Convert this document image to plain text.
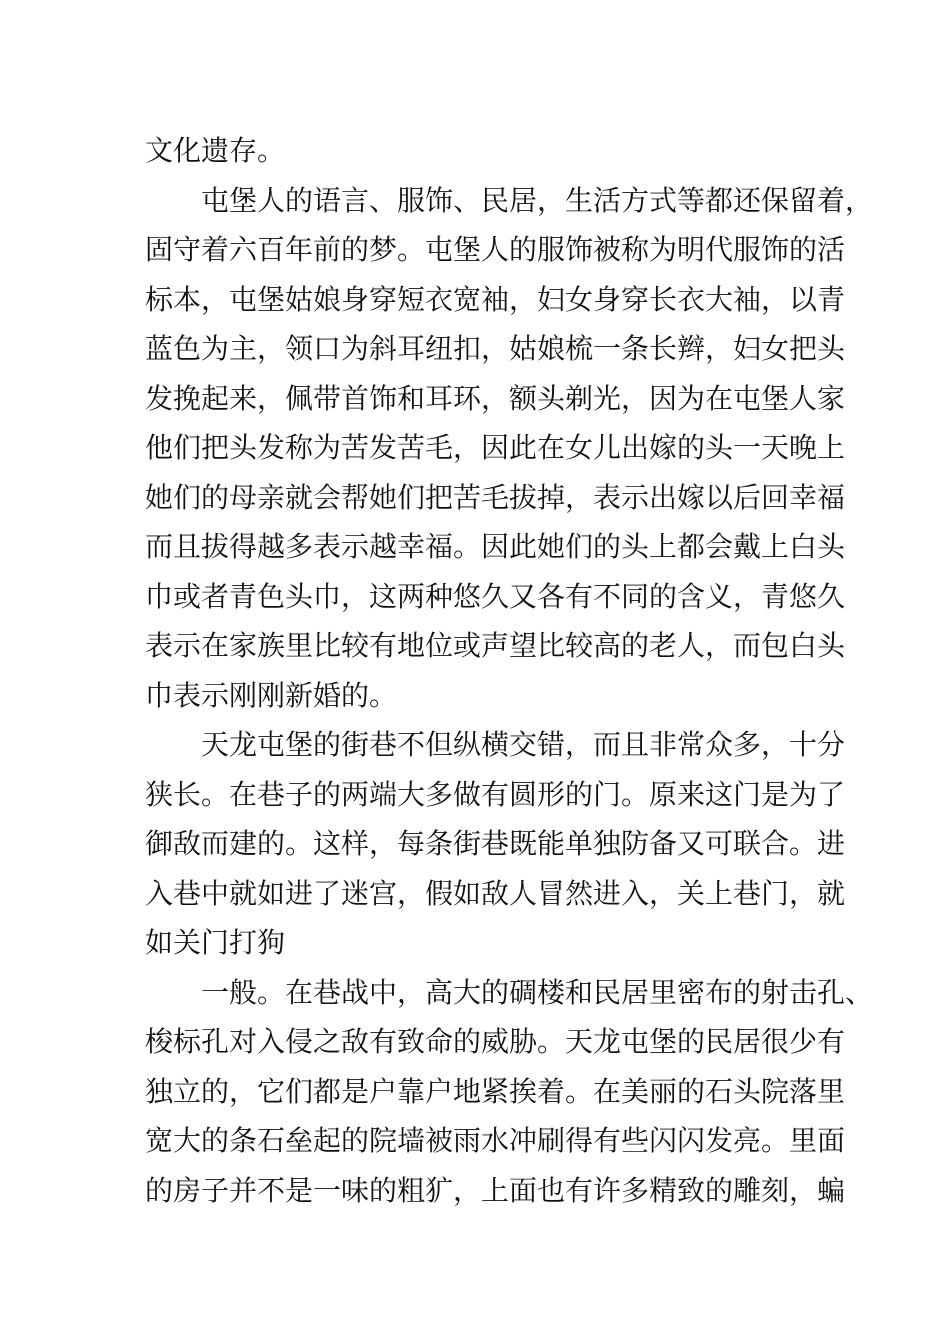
文化遗存。
屯堡人的语言、服饰、民居，生活方式等都还保留着，
固守着六百年前的梦。屯堡人的服饰被称为明代服饰的活
标本，屯堡姑娘身穿短衣宽袖，妇女身穿长衣大袖，以青
蓝色为主，领口为斜耳纽扣，姑娘梳一条长辫，妇女把头
发挽起来，佩带首饰和耳环，额头剃光，因为在屯堡人家
他们把头发称为苦发苦毛，因此在女儿出嫁的头一天晚上
她们的母亲就会帮她们把苦毛拔掉，表示出嫁以后回幸福
而且拔得越多表示越幸福。因此她们的头上都会戴上白头
巾或者青色头巾，这两种悠久又各有不同的含义，青悠久
表示在家族里比较有地位或声望比较高的老人，而包白头
巾表示刚刚新婚的。
天龙屯堡的街巷不但纵横交错，而且非常众多，十分
狭长。在巷子的两端大多做有圆形的门。原来这门是为了
御敌而建的。这样，每条街巷既能单独防备又可联合。进
入巷中就如进了迷宫，假如敌人冒然进入，关上巷门，就
如关门打狗
一般。在巷战中，高大的碉楼和民居里密布的射击孔、
梭标孔对入侵之敌有致命的威胁。天龙屯堡的民居很少有
独立的，它们都是户靠户地紧挨着。在美丽的石头院落里
宽大的条石垒起的院墙被雨水冲刷得有些闪闪发亮。里面
的房子并不是一味的粗犷，上面也有许多精致的雕刻，蝙
